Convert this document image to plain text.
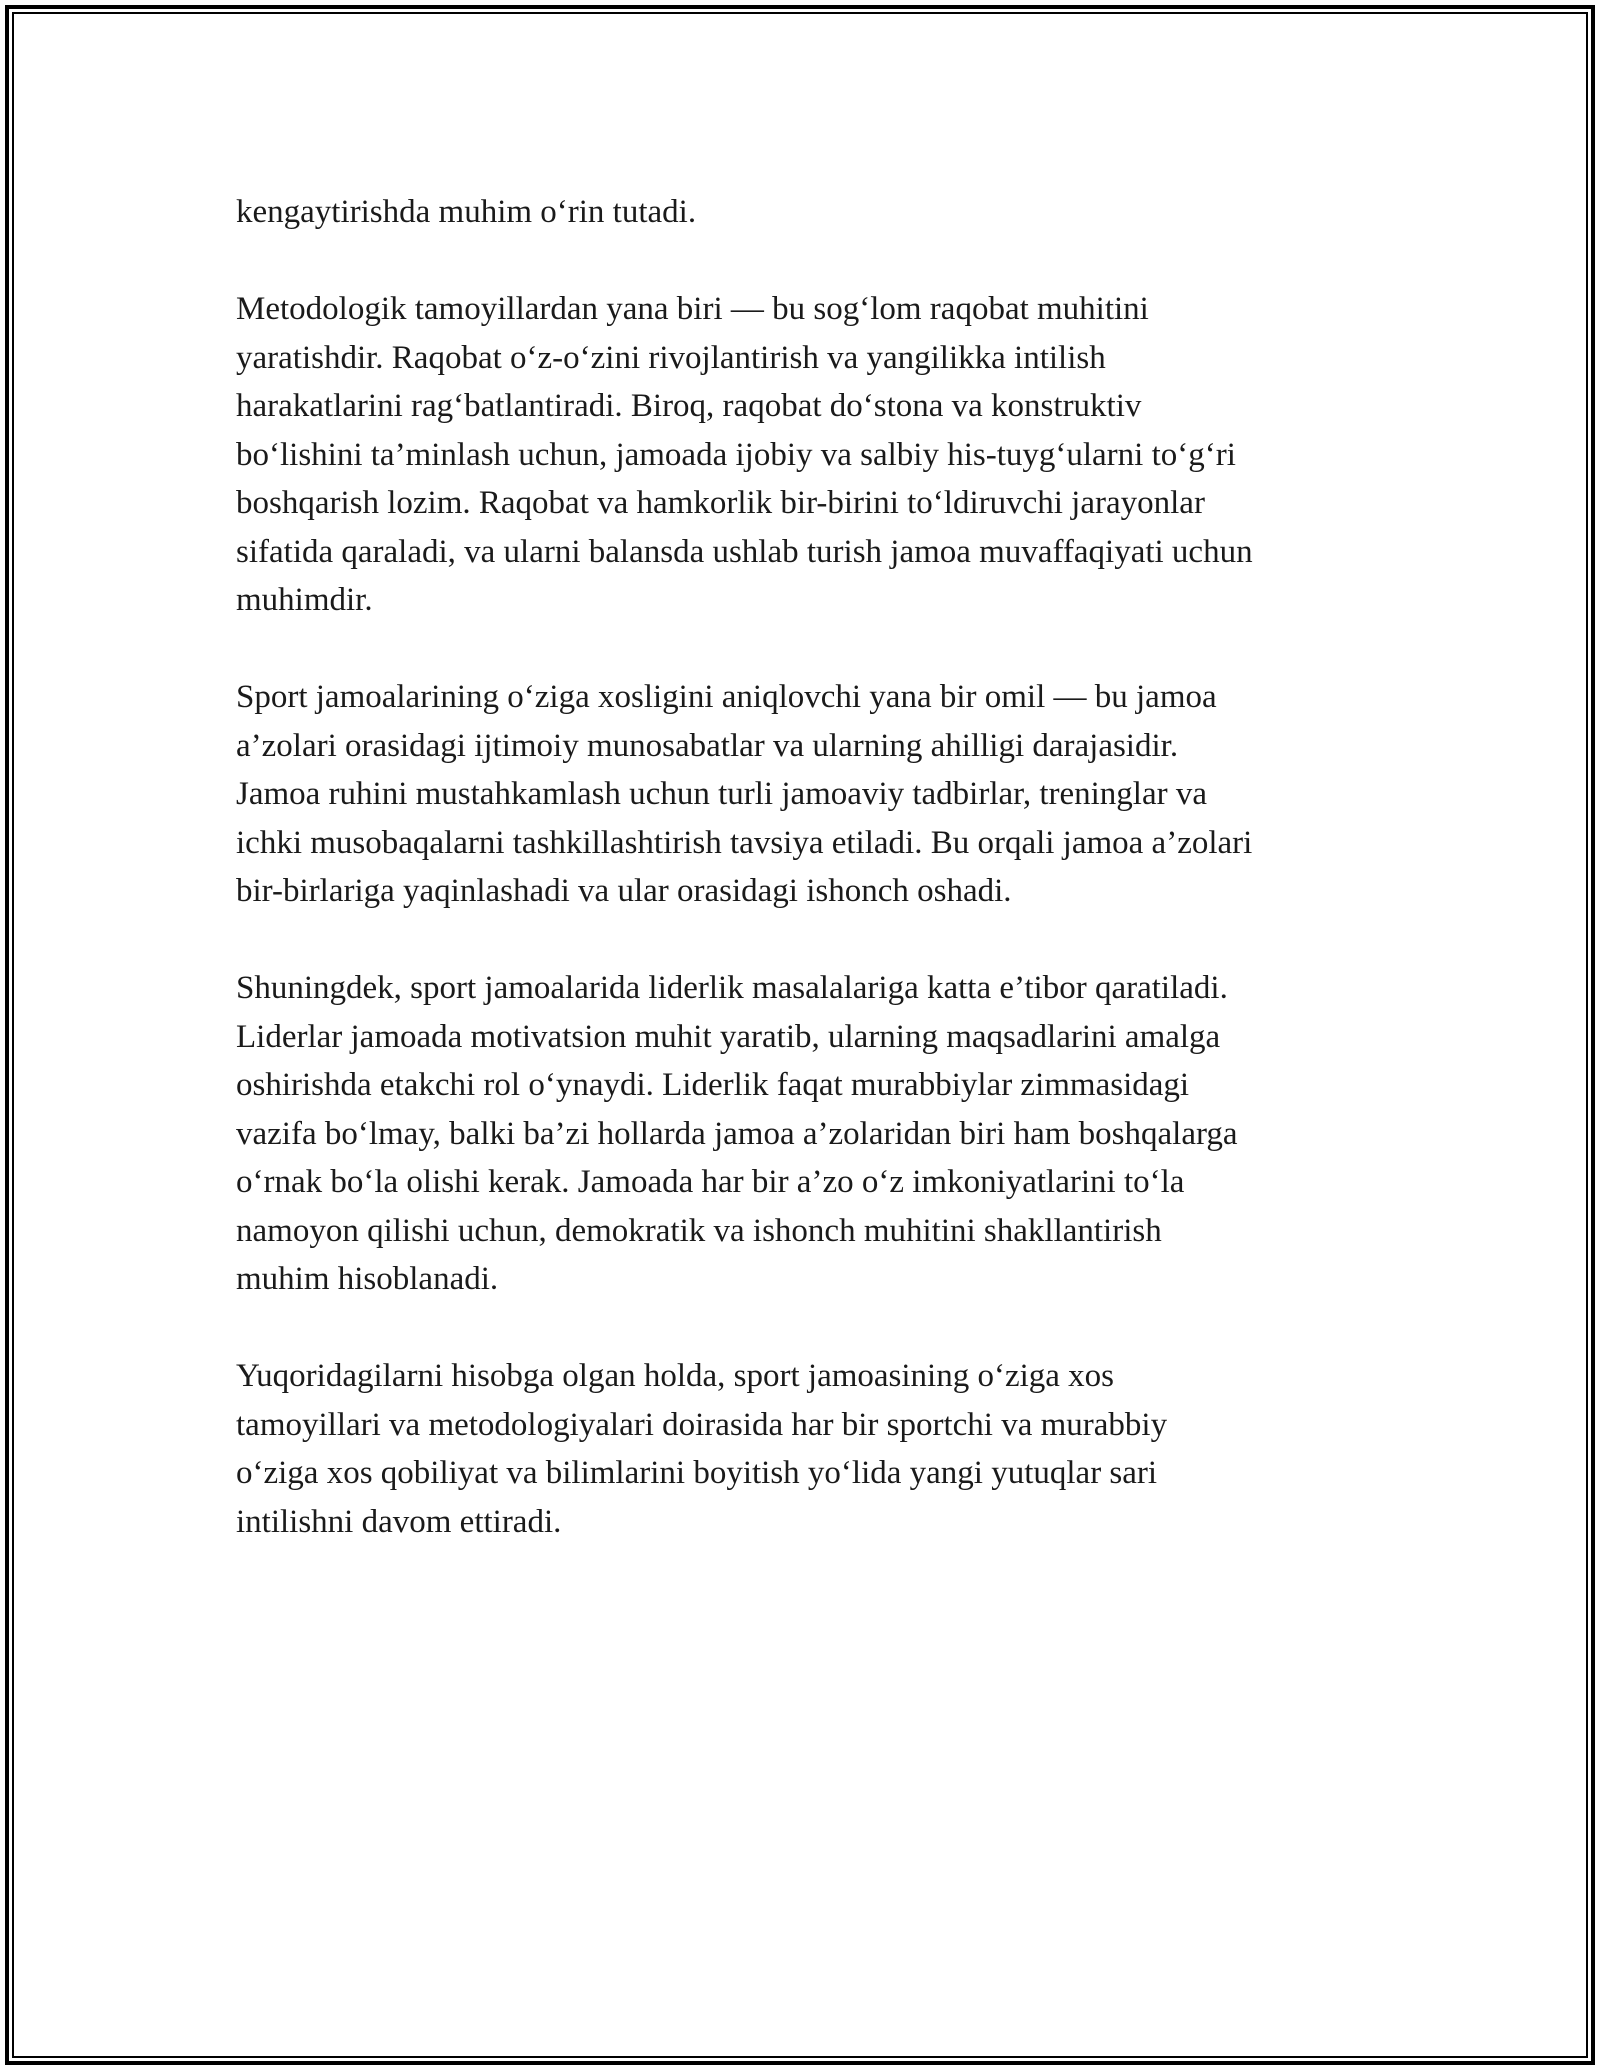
kengaytirishda muhim o‘rin tutadi.

Metodologik tamoyillardan yana biri — bu sog‘lom raqobat muhitini
yaratishdir. Raqobat o‘z-o‘zini rivojlantirish va yangilikka intilish
harakatlarini rag‘batlantiradi. Biroq, raqobat do‘stona va konstruktiv
bo‘lishini ta’minlash uchun, jamoada ijobiy va salbiy his-tuyg‘ularni to‘g‘ri
boshqarish lozim. Raqobat va hamkorlik bir-birini to‘ldiruvchi jarayonlar
sifatida qaraladi, va ularni balansda ushlab turish jamoa muvaffaqiyati uchun
muhimdir.

Sport jamoalarining o‘ziga xosligini aniqlovchi yana bir omil — bu jamoa
a’zolari orasidagi ijtimoiy munosabatlar va ularning ahilligi darajasidir.
Jamoa ruhini mustahkamlash uchun turli jamoaviy tadbirlar, treninglar va
ichki musobaqalarni tashkillashtirish tavsiya etiladi. Bu orqali jamoa a’zolari
bir-birlariga yaqinlashadi va ular orasidagi ishonch oshadi.

Shuningdek, sport jamoalarida liderlik masalalariga katta e’tibor qaratiladi.
Liderlar jamoada motivatsion muhit yaratib, ularning maqsadlarini amalga
oshirishda etakchi rol o‘ynaydi. Liderlik faqat murabbiylar zimmasidagi
vazifa bo‘lmay, balki ba’zi hollarda jamoa a’zolaridan biri ham boshqalarga
o‘rnak bo‘la olishi kerak. Jamoada har bir a’zo o‘z imkoniyatlarini to‘la
namoyon qilishi uchun, demokratik va ishonch muhitini shakllantirish
muhim hisoblanadi.

Yuqoridagilarni hisobga olgan holda, sport jamoasining o‘ziga xos
tamoyillari va metodologiyalari doirasida har bir sportchi va murabbiy
o‘ziga xos qobiliyat va bilimlarini boyitish yo‘lida yangi yutuqlar sari
intilishni davom ettiradi.
